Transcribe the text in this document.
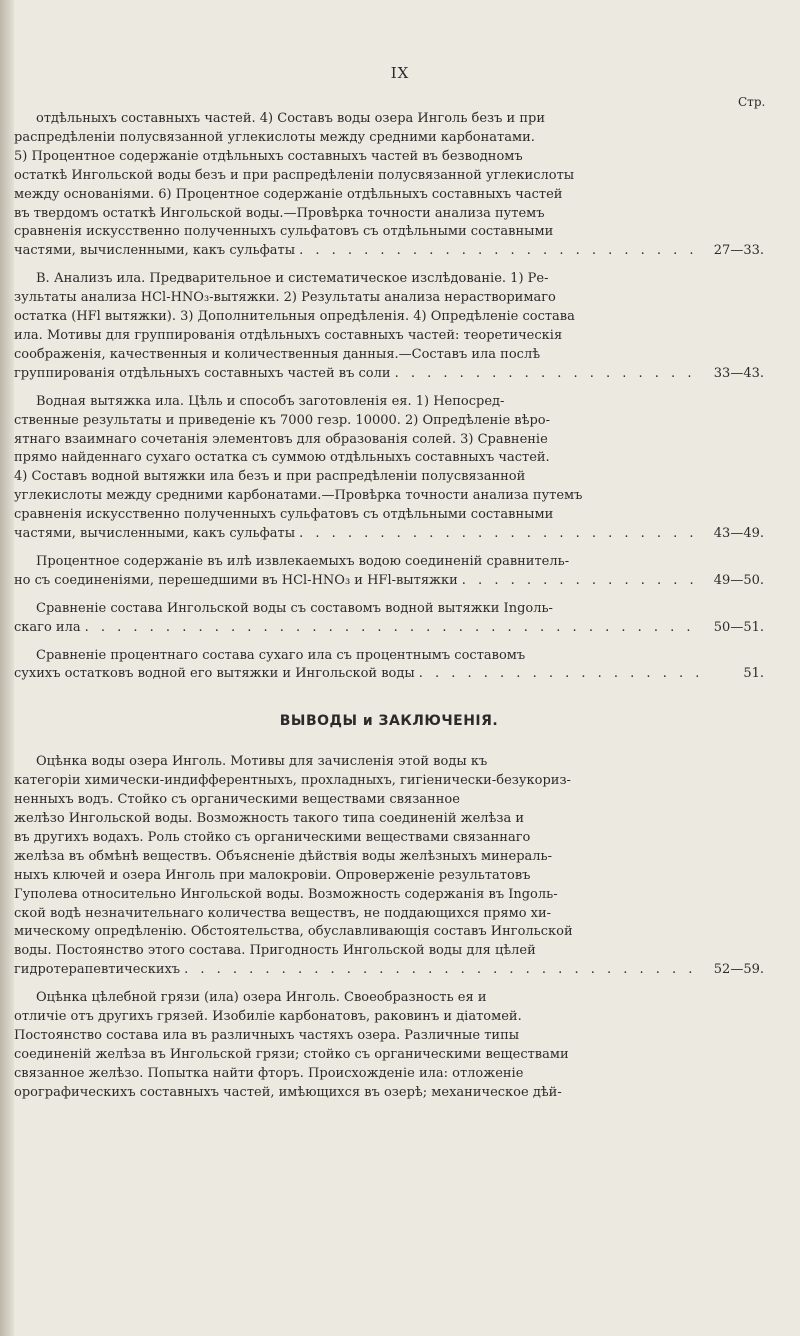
IX
Стр.
отдѣльныхъ составныхъ частей. 4) Составъ воды озера Инголь безъ и при
распредѣленіи полусвязанной углекислоты между средними карбонатами.
5) Процентное содержаніе отдѣльныхъ составныхъ частей въ безводномъ
остаткѣ Ингольской воды безъ и при распредѣленіи полусвязанной углекислоты
между основаніями. 6) Процентное содержаніе отдѣльныхъ составныхъ частей
въ твердомъ остаткѣ Ингольской воды.—Провѣрка точности анализа путемъ
сравненія искусственно полученныхъ сульфатовъ съ отдѣльными составными
частями, вычисленными, какъ сульфаты . . .	27—33.
В. Анализъ ила. Предварительное и систематическое изслѣдованіе. 1) Ре-
зультаты анализа HCl-HNO₃-вытяжки. 2) Результаты анализа нерастворимаго
остатка (HFl вытяжки). 3) Дополнительныя опредѣленія. 4) Опредѣленіе состава
ила. Мотивы для группированія отдѣльныхъ составныхъ частей: теоретическія
соображенія, качественныя и количественныя данныя.—Составъ ила послѣ
группированія отдѣльныхъ составныхъ частей въ соли . . .	33—43.
Водная вытяжка ила. Цѣль и способъ заготовленія ея. 1) Непосред-
ственные результаты и приведеніе къ 7000 гезр. 10000. 2) Опредѣленіе вѣро-
ятнаго взаимнаго сочетанія элементовъ для образованія солей. 3) Сравненіе
прямо найденнаго сухаго остатка съ суммою отдѣльныхъ составныхъ частей.
4) Составъ водной вытяжки ила безъ и при распредѣленіи полусвязанной
углекислоты между средними карбонатами.—Провѣрка точности анализа путемъ
сравненія искусственно полученныхъ сульфатовъ съ отдѣльными составными
частями, вычисленными, какъ сульфаты . . .	43—49.
Процентное содержаніе въ илѣ извлекаемыхъ водою соединеній сравнитель-
но съ соединеніями, перешедшими въ HCl-HNO₃ и HFl-вытяжки . . .	49—50.
Сравненіе состава Ингольской воды съ составомъ водной вытяжки Ingоль-
скаго ила . . .	50—51.
Сравненіе процентнаго состава сухаго ила съ процентнымъ составомъ
сухихъ остатковъ водной его вытяжки и Ингольской воды . . .	51.
ВЫВОДЫ и ЗАКЛЮЧЕНІЯ.
Оцѣнка воды озера Инголь. Мотивы для зачисленія этой воды къ
категоріи химически-индифферентныхъ, прохладныхъ, гигіенически-безукориз-
ненныхъ водъ. Стойко съ органическими веществами связанное
желѣзо Ингольской воды. Возможность такого типа соединеній желѣза и
въ другихъ водахъ. Роль стойко съ органическими веществами связаннаго
желѣза въ обмѣнѣ веществъ. Объясненіе дѣйствія воды желѣзныхъ минераль-
ныхъ ключей и озера Инголь при малокровіи. Опроверженіе результатовъ
Гуполева относительно Ингольской воды. Возможность содержанія въ Ingоль-
ской водѣ незначительнаго количества веществъ, не поддающихся прямо хи-
мическому опредѣленію. Обстоятельства, обуславливающія составъ Ингольской
воды. Постоянство этого состава. Пригодность Ингольской воды для цѣлей
гидротерапевтическихъ . . .	52—59.
Оцѣнка цѣлебной грязи (ила) озера Инголь. Своеобразность ея и
отличіе отъ другихъ грязей. Изобиліе карбонатовъ, раковинъ и діатомей.
Постоянство состава ила въ различныхъ частяхъ озера. Различные типы
соединеній желѣза въ Ингольской грязи; стойко съ органическими веществами
связанное желѣзо. Попытка найти фторъ. Происхожденіе ила: отложеніе
орографическихъ составныхъ частей, имѣющихся въ озерѣ; механическое дѣй-
